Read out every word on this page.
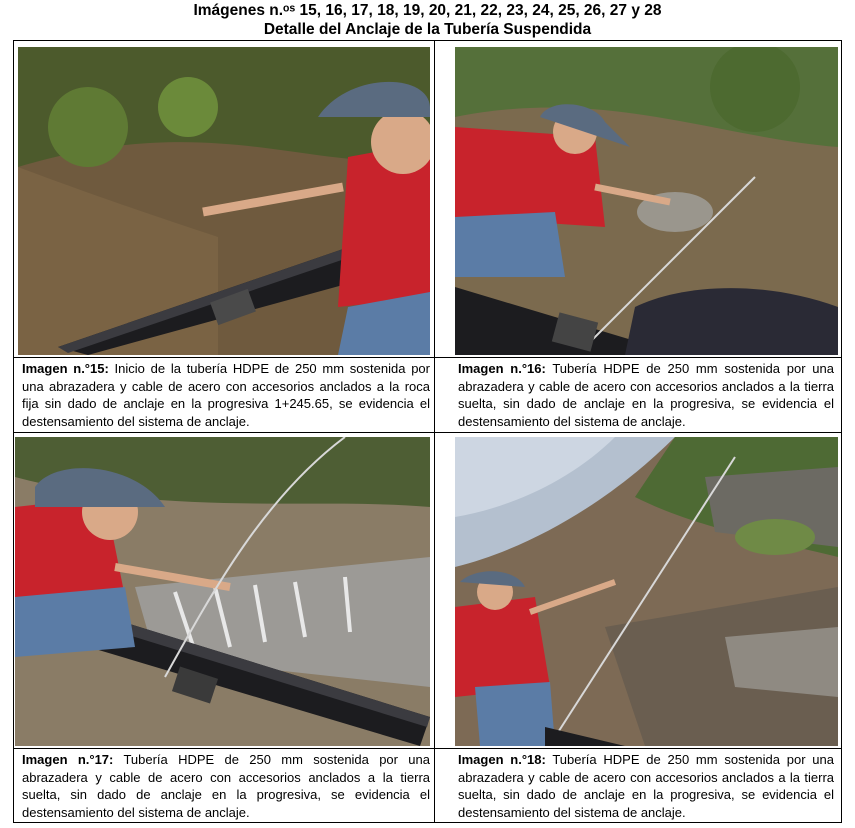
Imágenes n.ᵒˢ 15, 16, 17, 18, 19, 20, 21, 22, 23, 24, 25, 26, 27 y 28
Detalle del Anclaje de la Tubería Suspendida
Imagen n.°15: Inicio de la tubería HDPE de 250 mm sostenida por una abrazadera y cable de acero con accesorios anclados a la roca fija sin dado de anclaje en la progresiva 1+245.65, se evidencia el destensamiento del sistema de anclaje.
Imagen n.°16: Tubería HDPE de 250 mm sostenida por una abrazadera y cable de acero con accesorios anclados a la tierra suelta, sin dado de anclaje en la progresiva, se evidencia el destensamiento del sistema de anclaje.
Imagen n.°17: Tubería HDPE de 250 mm sostenida por una abrazadera y cable de acero con accesorios anclados a la tierra suelta, sin dado de anclaje en la progresiva, se evidencia el destensamiento del sistema de anclaje.
Imagen n.°18: Tubería HDPE de 250 mm sostenida por una abrazadera y cable de acero con accesorios anclados a la tierra suelta, sin dado de anclaje en la progresiva, se evidencia el destensamiento del sistema de anclaje.
